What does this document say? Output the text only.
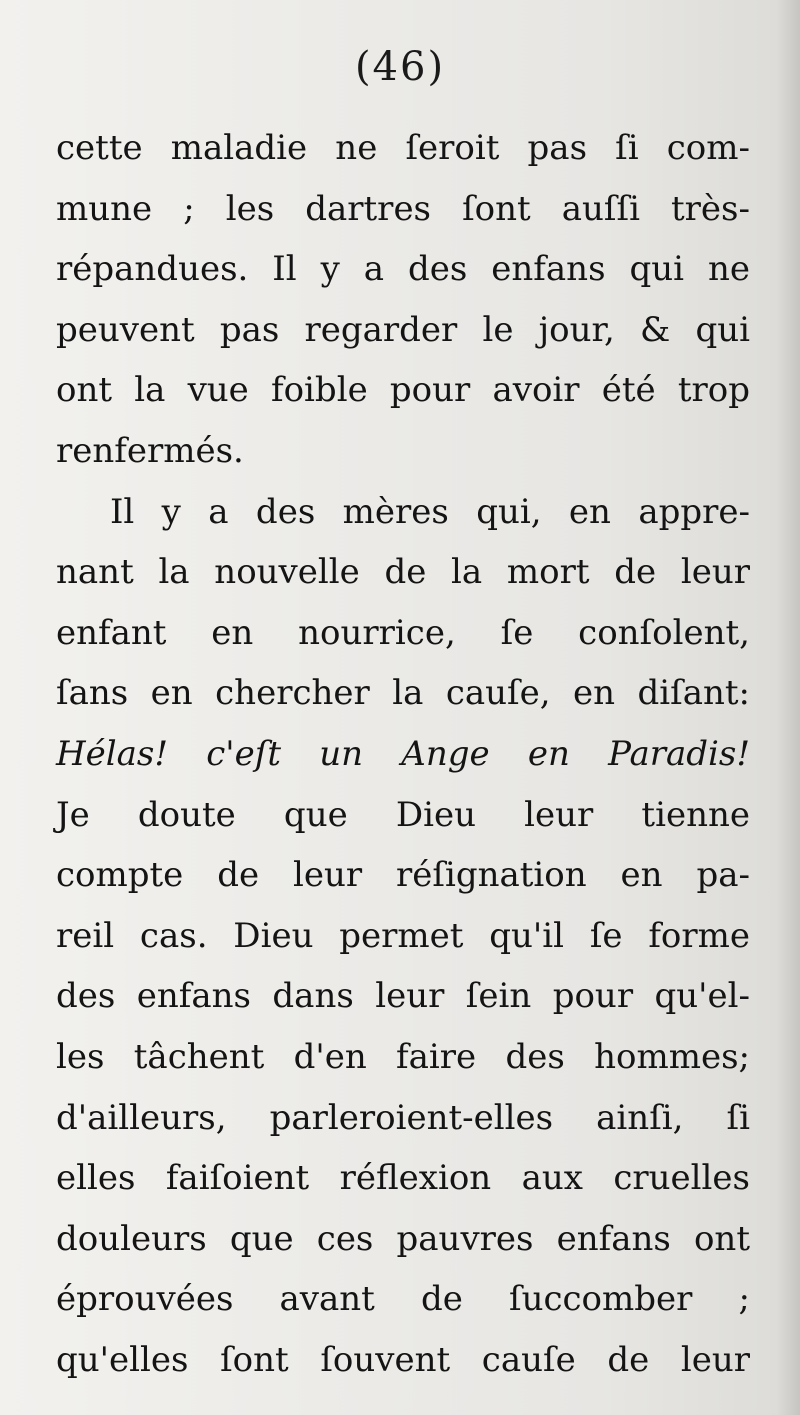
(46)
cette maladie ne ſeroit pas ſi com-
mune ; les dartres ſont auſſi très-
répandues. Il y a des enfans qui ne
peuvent pas regarder le jour, & qui
ont la vue foible pour avoir été trop
renfermés.
Il y a des mères qui, en appre-
nant la nouvelle de la mort de leur
enfant en nourrice, ſe conſolent,
ſans en chercher la cauſe, en diſant:
Hélas! c'eſt un Ange en Paradis!
Je doute que Dieu leur tienne
compte de leur réſignation en pa-
reil cas. Dieu permet qu'il ſe forme
des enfans dans leur ſein pour qu'el-
les tâchent d'en faire des hommes;
d'ailleurs, parleroient-elles ainſi, ſi
elles faiſoient réflexion aux cruelles
douleurs que ces pauvres enfans ont
éprouvées avant de ſuccomber ;
qu'elles ſont ſouvent cauſe de leur
